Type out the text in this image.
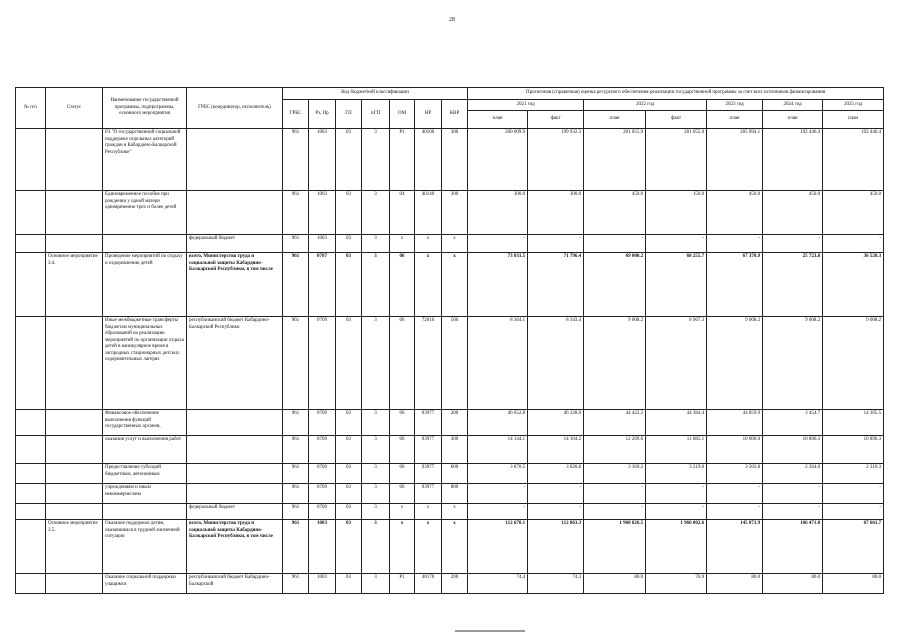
28
№ п/п	Статус	Наименование государственной программы, подпрограммы, основного мероприятия	ГРБС (координатор, исполнитель)	Код бюджетной классификации							Прогнозная (справочная) оценка ресурсного обеспечения реализации государственной программы за счет всех источников финансирования						
				ГРБС	Рз, Пр	ГП	пГП	ОМ	НР	КВР	2021 год		2022 год		2023 год	2024 год	2025 год
											план	факт	план	факт	план	план	план
		РЗ "О государственной социальной поддержке отдельных категорий граждан в Кабардино-Балкарской Республике"		961	1003	03	3	Р1	40100	300	200 009.9	199 932.3	201 055.9	201 055.9	205 094.1	192 446.4	192 446.4
		Единовременное пособие при рождении у одной матери одновременно трех и более детей		961	1003	03	3	04	40140	300	300.0	300.0	450.0	150.0	450.0	450.0	450.0
			федеральный бюджет	961	1003	03	3	х	х	х	-	-	-	-	-	-	-
	Основное мероприятие 3.4.	Проведение мероприятий по отдыху и оздоровлению детей	всего, Министерство труда и социальной защиты Кабардино-Балкарской Республики, в том числе	961	0707	03	3	06	х	х	73 031.5	71 796.4	69 000.2	68 255.7	67 370.9	25 723.8	36 520.3
		Иные межбюджетные трансферты бюджетам муниципальных образований на реализацию мероприятий по организации отдыха детей в каникулярное время в загородных стационарных детских оздоровительных лагерях	республиканский бюджет Кабардино-Балкарской Республики	961	0709	03	3	06	72010	500	8 364.1	8 343.4	9 008.2	8 967.3	9 008.2	9 008.2	9 008.2
		Финансовое обеспечение выполнения функций государственных органов,		961	0709	03	3	06	93977	200	46 652.8	46 328.0	44 422.2	44 384.4	44 859.9	3 454.7	14 305.5
		оказания услуг и выполнения работ		961	0709	03	3	06	93977	300	14 144.1	14 104.2	12 209.6	11 685.1	10 000.0	10 896.3	10 896.3
		Предоставление субсидий бюджетным, автономным		961	0709	03	3	06	93977	600	3 870.5	3 020.8	3 369.2	3 219.0	3 502.8	2 364.6	2 310.3
		учреждениям и иным некоммерческим		961	0709	03	3	06	93977	800	-	-	-	-	-	-	-
			федеральный бюджет	961	0709	03	3	х	х	х	-	-	-	-	-	-	-
	Основное мероприятие 3.5.	Оказание поддержки детям, оказавшимся в трудной жизненной ситуации	всего, Министерство труда и социальной защиты Кабардино-Балкарской Республики, в том числе	961	1003	03	3	х	х	х	112 670.1	112 863.3	1 960 826.5	1 960 802.6	145 871.9	106 471.8	67 661.7
		Оказание социальной поддержки учащимся	республиканский бюджет Кабардино-Балкарской	961	1003	03	3	Р1	40170	200	74.4	74.3	80.0	76.9	80.0	80.0	80.0
